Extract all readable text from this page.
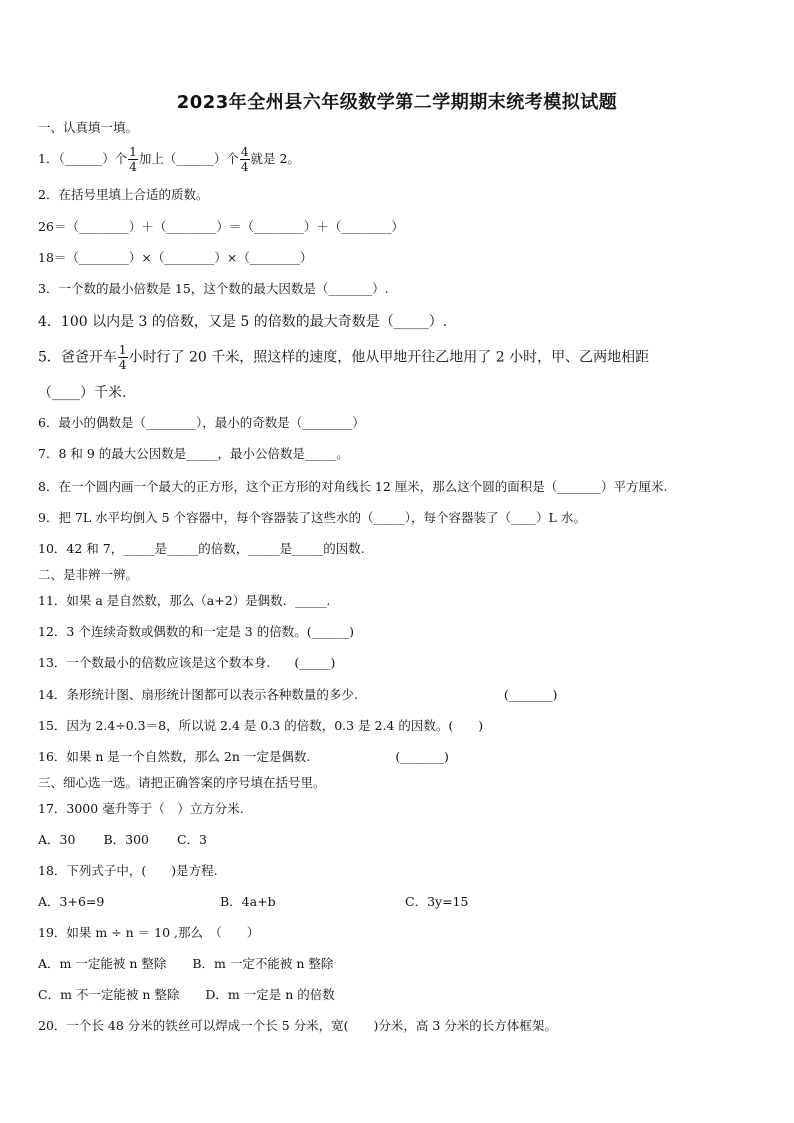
2023年全州县六年级数学第二学期期末统考模拟试题
一、认真填一填。
1．（______）个 $\frac{1}{4}$ 加上（______）个 $\frac{4}{4}$ 就是 2。
2．在括号里填上合适的质数。
26＝（________）＋（________）＝（________）＋（________）
18＝（________）×（________）×（________）
3．一个数的最小倍数是 15，这个数的最大因数是（_______）.
4．100 以内是 3 的倍数，又是 5 的倍数的最大奇数是（_____）.
5．爸爸开车 $\frac{1}{4}$ 小时行了 20 千米，照这样的速度，他从甲地开往乙地用了 2 小时，甲、乙两地相距
（____）千米.
6．最小的偶数是（________），最小的奇数是（________）
7．8 和 9 的最大公因数是_____，最小公倍数是_____。
8．在一个圆内画一个最大的正方形，这个正方形的对角线长 12 厘米，那么这个圆的面积是（_______）平方厘米.
9．把 7L 水平均倒入 5 个容器中，每个容器装了这些水的（_____），每个容器装了（____）L 水。
10．42 和 7，_____是_____的倍数，_____是_____的因数.
二、是非辨一辨。
11．如果 a 是自然数，那么（a+2）是偶数．_____.
12．3 个连续奇数或偶数的和一定是 3 的倍数。(______)
13．一个数最小的倍数应该是这个数本身. (_____)
14．条形统计图、扇形统计图都可以表示各种数量的多少.	(_______)
15．因为 2.4÷0.3＝8，所以说 2.4 是 0.3 的倍数，0.3 是 2.4 的因数。(　　)
16．如果 n 是一个自然数，那么 2n 一定是偶数.	(_______)
三、细心选一选。请把正确答案的序号填在括号里。
17．3000 毫升等于（　）立方分米.
A．30 B．300 C．3
18．下列式子中，(　　)是方程.
A．3+6=9	B．4a+b	C．3y=15
19．如果 m ÷ n ＝ 10 ,那么　（　　）
A．m 一定能被 n 整除 B．m 一定不能被 n 整除
C．m 不一定能被 n 整除 D．m 一定是 n 的倍数
20．一个长 48 分米的铁丝可以焊成一个长 5 分米，宽(　　)分米，高 3 分米的长方体框架。
